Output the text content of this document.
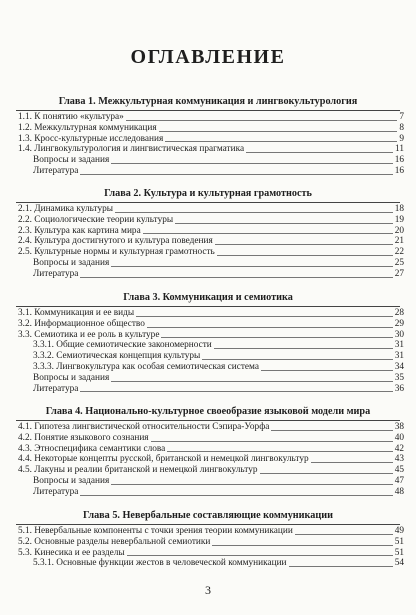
ОГЛАВЛЕНИЕ
Глава 1. Межкультурная коммуникация и лингвокультурология
1.1. К понятию «культура»	7
1.2. Межкультурная коммуникация	8
1.3. Кросс-культурные исследования	9
1.4. Лингвокультурология и лингвистическая прагматика	11
Вопросы и задания	16
Литература	16
Глава 2. Культура и культурная грамотность
2.1. Динамика культуры	18
2.2. Социологические теории культуры	19
2.3. Культура как картина мира	20
2.4. Культура достигнутого и культура поведения	21
2.5. Культурные нормы и культурная грамотность	22
Вопросы и задания	25
Литература	27
Глава 3. Коммуникация и семиотика
3.1. Коммуникация и ее виды	28
3.2. Информационное общество	29
3.3. Семиотика и ее роль в культуре	30
3.3.1. Общие семиотические закономерности	31
3.3.2. Семиотическая концепция культуры	31
3.3.3. Лингвокультура как особая семиотическая система	34
Вопросы и задания	35
Литература	36
Глава 4. Национально-культурное своеобразие языковой модели мира
4.1. Гипотеза лингвистической относительности Сэпира-Уорфа	38
4.2. Понятие языкового сознания	40
4.3. Этноспецифика семантики слова	42
4.4. Некоторые концепты русской, британской и немецкой лингвокультур	43
4.5. Лакуны и реалии британской и немецкой лингвокультур	45
Вопросы и задания	47
Литература	48
Глава 5. Невербальные составляющие коммуникации
5.1. Невербальные компоненты с точки зрения теории коммуникации	49
5.2. Основные разделы невербальной семиотики	51
5.3. Кинесика и ее разделы	51
5.3.1. Основные функции жестов в человеческой коммуникации	54
3
